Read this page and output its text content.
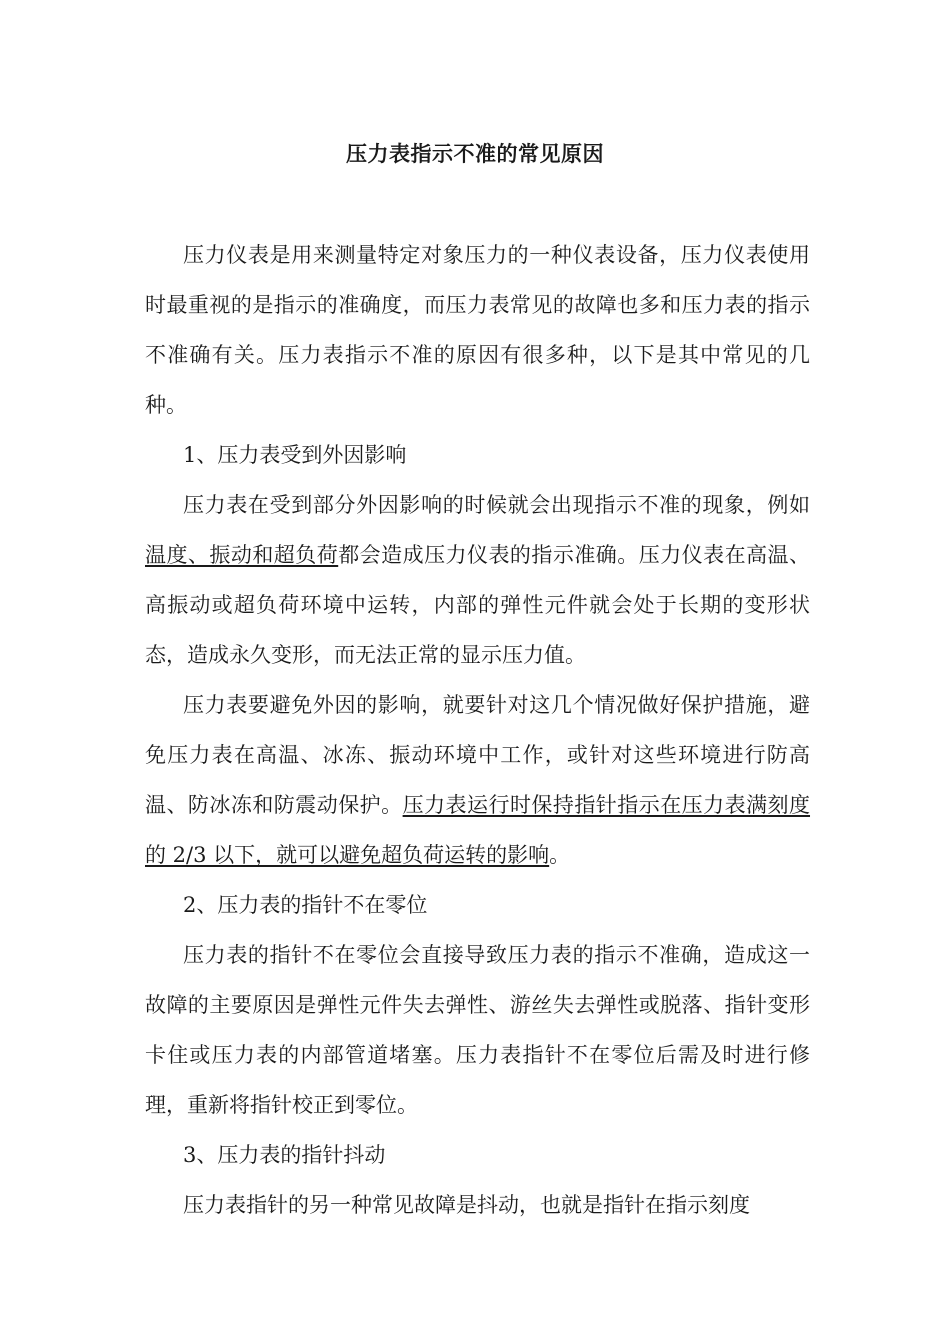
压力表指示不准的常见原因

压力仪表是用来测量特定对象压力的一种仪表设备，压力仪表使用时最重视的是指示的准确度，而压力表常见的故障也多和压力表的指示不准确有关。压力表指示不准的原因有很多种，以下是其中常见的几种。

1、压力表受到外因影响

压力表在受到部分外因影响的时候就会出现指示不准的现象，例如温度、振动和超负荷都会造成压力仪表的指示准确。压力仪表在高温、高振动或超负荷环境中运转，内部的弹性元件就会处于长期的变形状态，造成永久变形，而无法正常的显示压力值。

压力表要避免外因的影响，就要针对这几个情况做好保护措施，避免压力表在高温、冰冻、振动环境中工作，或针对这些环境进行防高温、防冰冻和防震动保护。压力表运行时保持指针指示在压力表满刻度的 2/3 以下，就可以避免超负荷运转的影响。

2、压力表的指针不在零位

压力表的指针不在零位会直接导致压力表的指示不准确，造成这一故障的主要原因是弹性元件失去弹性、游丝失去弹性或脱落、指针变形卡住或压力表的内部管道堵塞。压力表指针不在零位后需及时进行修理，重新将指针校正到零位。

3、压力表的指针抖动

压力表指针的另一种常见故障是抖动，也就是指针在指示刻度
